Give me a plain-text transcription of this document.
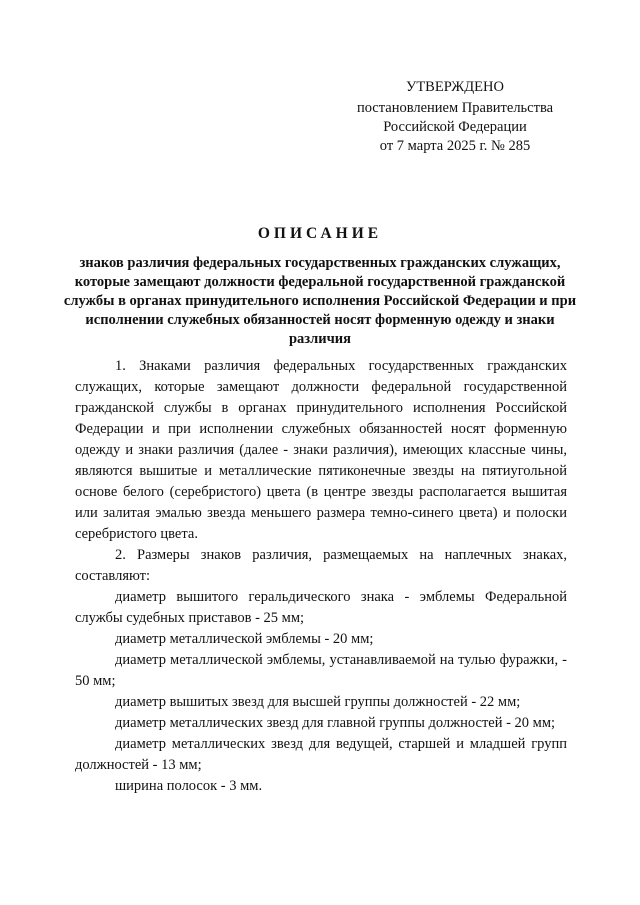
УТВЕРЖДЕНО
постановлением Правительства
Российской Федерации
от 7 марта 2025 г. № 285
ОПИСАНИЕ
знаков различия федеральных государственных гражданских служащих, которые замещают должности федеральной государственной гражданской службы в органах принудительного исполнения Российской Федерации и при исполнении служебных обязанностей носят форменную одежду и знаки различия

1. Знаками различия федеральных государственных гражданских служащих, которые замещают должности федеральной государственной гражданской службы в органах принудительного исполнения Российской Федерации и при исполнении служебных обязанностей носят форменную одежду и знаки различия (далее - знаки различия), имеющих классные чины, являются вышитые и металлические пятиконечные звезды на пятиугольной основе белого (серебристого) цвета (в центре звезды располагается вышитая или залитая эмалью звезда меньшего размера темно-синего цвета) и полоски серебристого цвета.

2. Размеры знаков различия, размещаемых на наплечных знаках, составляют:

диаметр вышитого геральдического знака - эмблемы Федеральной службы судебных приставов - 25 мм;

диаметр металлической эмблемы - 20 мм;

диаметр металлической эмблемы, устанавливаемой на тулью фуражки, - 50 мм;

диаметр вышитых звезд для высшей группы должностей - 22 мм;

диаметр металлических звезд для главной группы должностей - 20 мм;

диаметр металлических звезд для ведущей, старшей и младшей групп должностей - 13 мм;

ширина полосок - 3 мм.
